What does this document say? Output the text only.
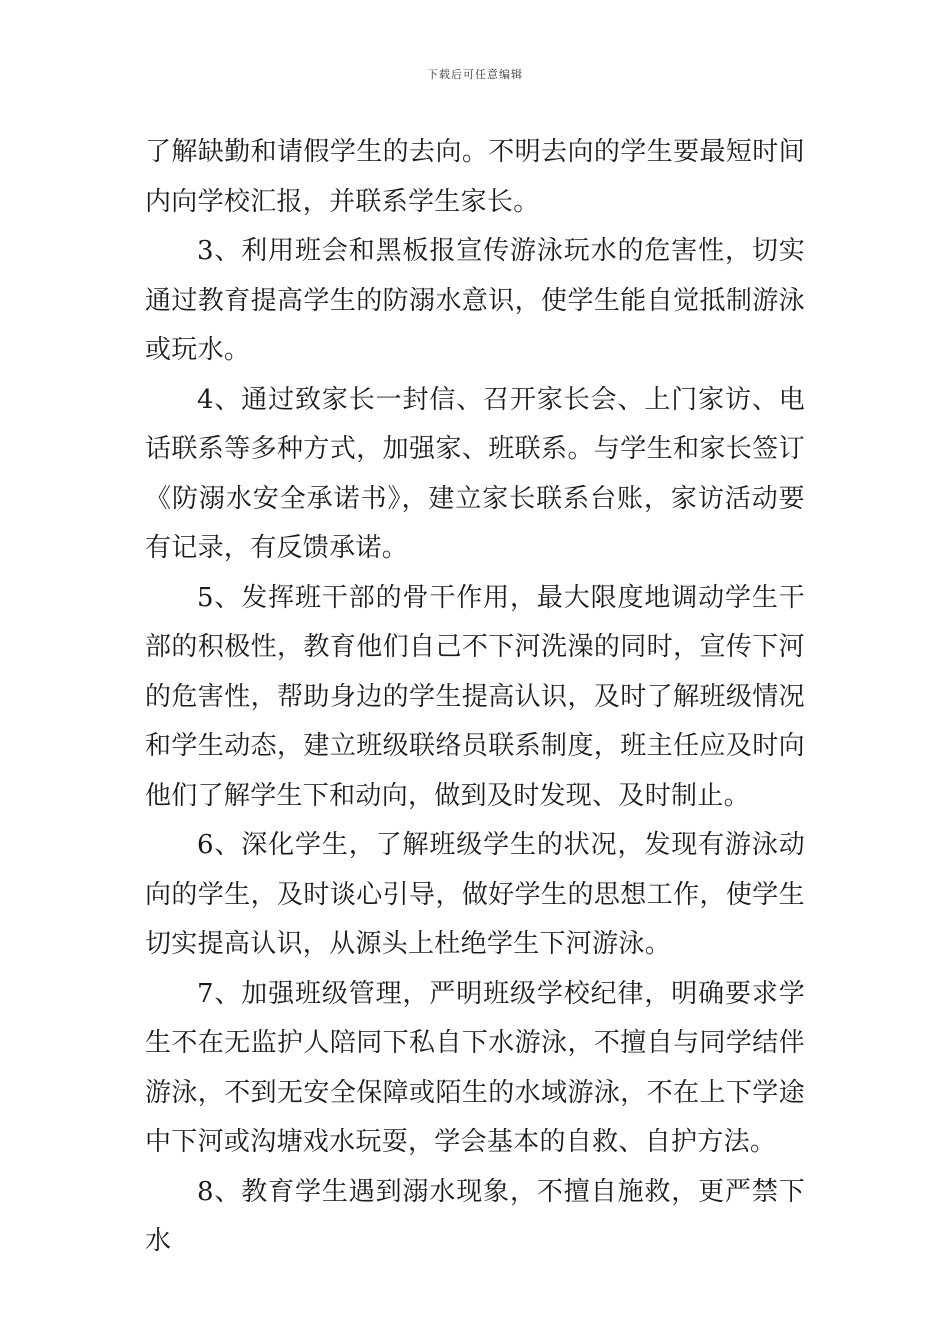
下载后可任意编辑

了解缺勤和请假学生的去向。不明去向的学生要最短时间内向学校汇报，并联系学生家长。

3、利用班会和黑板报宣传游泳玩水的危害性，切实通过教育提高学生的防溺水意识，使学生能自觉抵制游泳或玩水。

4、通过致家长一封信、召开家长会、上门家访、电话联系等多种方式，加强家、班联系。与学生和家长签订《防溺水安全承诺书》，建立家长联系台账，家访活动要有记录，有反馈承诺。

5、发挥班干部的骨干作用，最大限度地调动学生干部的积极性，教育他们自己不下河洗澡的同时，宣传下河的危害性，帮助身边的学生提高认识，及时了解班级情况和学生动态，建立班级联络员联系制度，班主任应及时向他们了解学生下和动向，做到及时发现、及时制止。

6、深化学生，了解班级学生的状况，发现有游泳动向的学生，及时谈心引导，做好学生的思想工作，使学生切实提高认识，从源头上杜绝学生下河游泳。

7、加强班级管理，严明班级学校纪律，明确要求学生不在无监护人陪同下私自下水游泳，不擅自与同学结伴游泳，不到无安全保障或陌生的水域游泳，不在上下学途中下河或沟塘戏水玩耍，学会基本的自救、自护方法。

8、教育学生遇到溺水现象，不擅自施救，更严禁下水
